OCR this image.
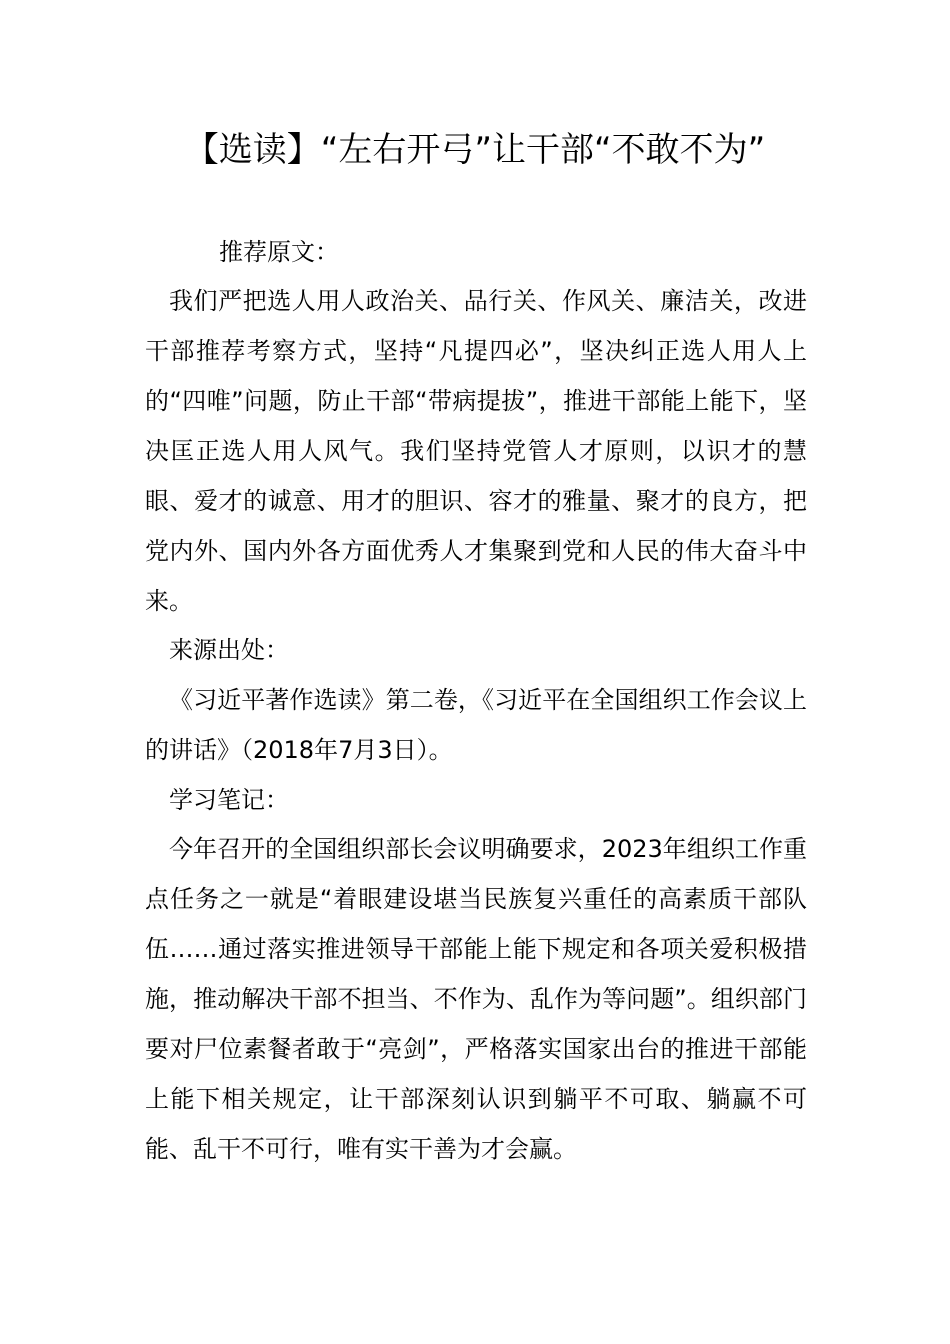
【选读】“左右开弓”让干部“不敢不为”

推荐原文：

我们严把选人用人政治关、品行关、作风关、廉洁关，改进干部推荐考察方式，坚持“凡提四必”，坚决纠正选人用人上的“四唯”问题，防止干部“带病提拔”，推进干部能上能下，坚决匡正选人用人风气。我们坚持党管人才原则，以识才的慧眼、爱才的诚意、用才的胆识、容才的雅量、聚才的良方，把党内外、国内外各方面优秀人才集聚到党和人民的伟大奋斗中来。

来源出处：

《习近平著作选读》第二卷，《习近平在全国组织工作会议上的讲话》（2018年7月3日）。

学习笔记：

今年召开的全国组织部长会议明确要求，2023年组织工作重点任务之一就是“着眼建设堪当民族复兴重任的高素质干部队伍……通过落实推进领导干部能上能下规定和各项关爱积极措施，推动解决干部不担当、不作为、乱作为等问题”。组织部门要对尸位素餐者敢于“亮剑”，严格落实国家出台的推进干部能上能下相关规定，让干部深刻认识到躺平不可取、躺赢不可能、乱干不可行，唯有实干善为才会赢。
